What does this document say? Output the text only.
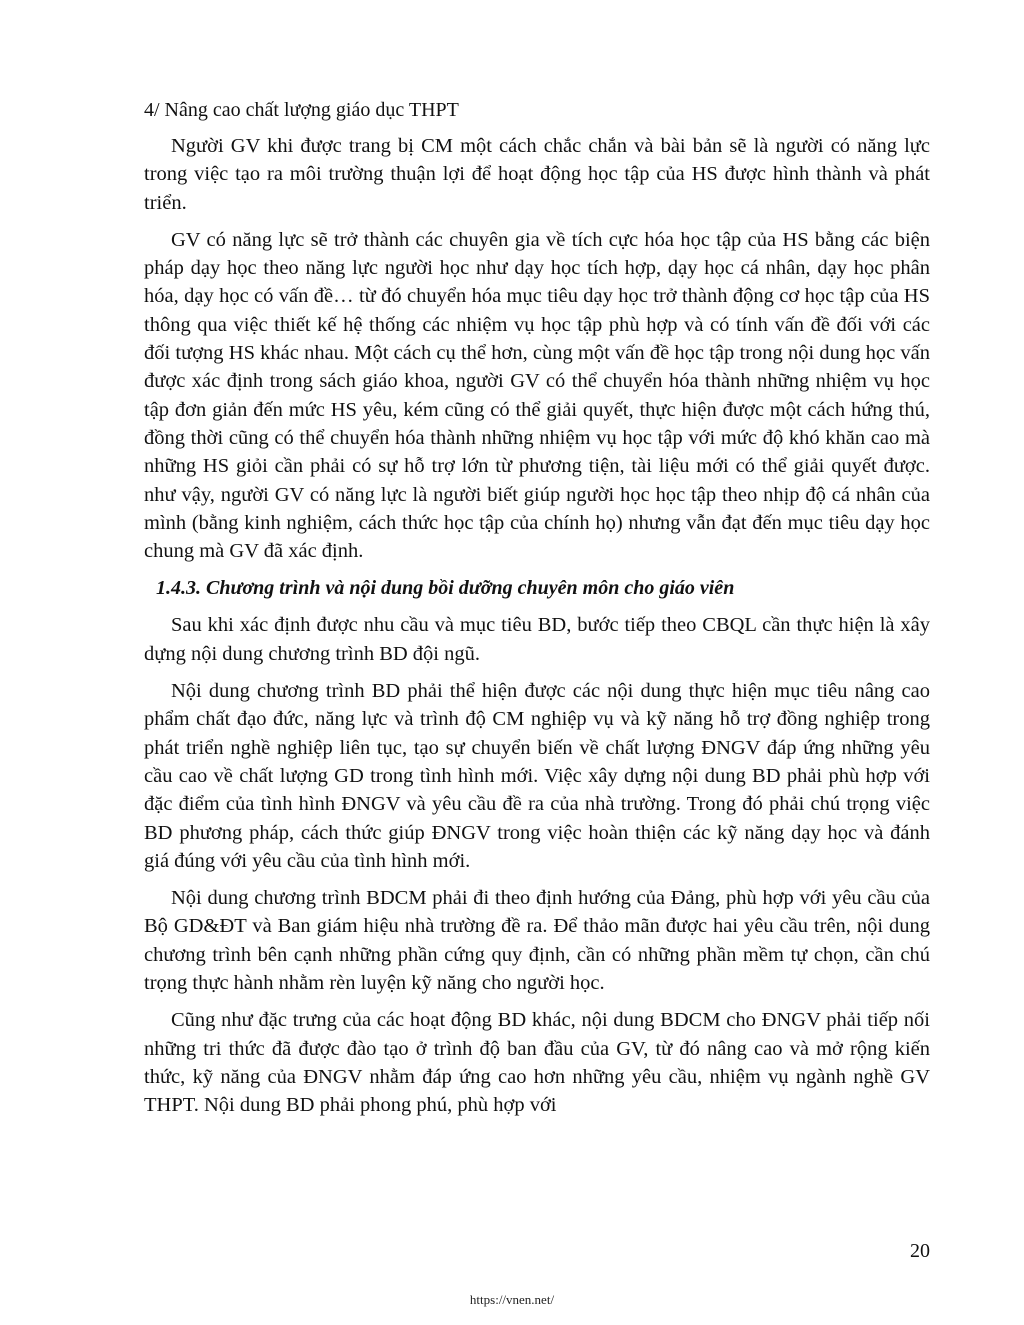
4/ Nâng cao chất lượng giáo dục THPT

Người GV khi được trang bị CM một cách chắc chắn và bài bản sẽ là người có năng lực trong việc tạo ra môi trường thuận lợi để hoạt động học tập của HS được hình thành và phát triển.

GV có năng lực sẽ trở thành các chuyên gia về tích cực hóa học tập của HS bằng các biện pháp dạy học theo năng lực người học như dạy học tích hợp, dạy học cá nhân, dạy học phân hóa, dạy học có vấn đề… từ đó chuyển hóa mục tiêu dạy học trở thành động cơ học tập của HS thông qua việc thiết kế hệ thống các nhiệm vụ học tập phù hợp và có tính vấn đề đối với các đối tượng HS khác nhau. Một cách cụ thể hơn, cùng một vấn đề học tập trong nội dung học vấn được xác định trong sách giáo khoa, người GV có thể chuyển hóa thành những nhiệm vụ học tập đơn giản đến mức HS yêu, kém cũng có thể giải quyết, thực hiện được một cách hứng thú, đồng thời cũng có thể chuyển hóa thành những nhiệm vụ học tập với mức độ khó khăn cao mà những HS giỏi cần phải có sự hỗ trợ lớn từ phương tiện, tài liệu mới có thể giải quyết được. như vậy, người GV có năng lực là người biết giúp người học học tập theo nhịp độ cá nhân của mình (bằng kinh nghiệm, cách thức học tập của chính họ) nhưng vẫn đạt đến mục tiêu dạy học chung mà GV đã xác định.

1.4.3. Chương trình và nội dung bồi dưỡng chuyên môn cho giáo viên

Sau khi xác định được nhu cầu và mục tiêu BD, bước tiếp theo CBQL cần thực hiện là xây dựng nội dung chương trình BD đội ngũ.

Nội dung chương trình BD phải thể hiện được các nội dung thực hiện mục tiêu nâng cao phẩm chất đạo đức, năng lực và trình độ CM nghiệp vụ và kỹ năng hỗ trợ đồng nghiệp trong phát triển nghề nghiệp liên tục, tạo sự chuyển biến về chất lượng ĐNGV đáp ứng những yêu cầu cao về chất lượng GD trong tình hình mới. Việc xây dựng nội dung BD phải phù hợp với đặc điểm của tình hình ĐNGV và yêu cầu đề ra của nhà trường. Trong đó phải chú trọng việc BD phương pháp, cách thức giúp ĐNGV trong việc hoàn thiện các kỹ năng dạy học và đánh giá đúng với yêu cầu của tình hình mới.

Nội dung chương trình BDCM phải đi theo định hướng của Đảng, phù hợp với yêu cầu của Bộ GD&ĐT và Ban giám hiệu nhà trường đề ra. Để thảo mãn được hai yêu cầu trên, nội dung chương trình bên cạnh những phần cứng quy định, cần có những phần mềm tự chọn, cần chú trọng thực hành nhằm rèn luyện kỹ năng cho người học.

Cũng như đặc trưng của các hoạt động BD khác, nội dung BDCM cho ĐNGV phải tiếp nối những tri thức đã được đào tạo ở trình độ ban đầu của GV, từ đó nâng cao và mở rộng kiến thức, kỹ năng của ĐNGV nhằm đáp ứng cao hơn những yêu cầu, nhiệm vụ ngành nghề GV THPT. Nội dung BD phải phong phú, phù hợp với

20
https://vnen.net/
